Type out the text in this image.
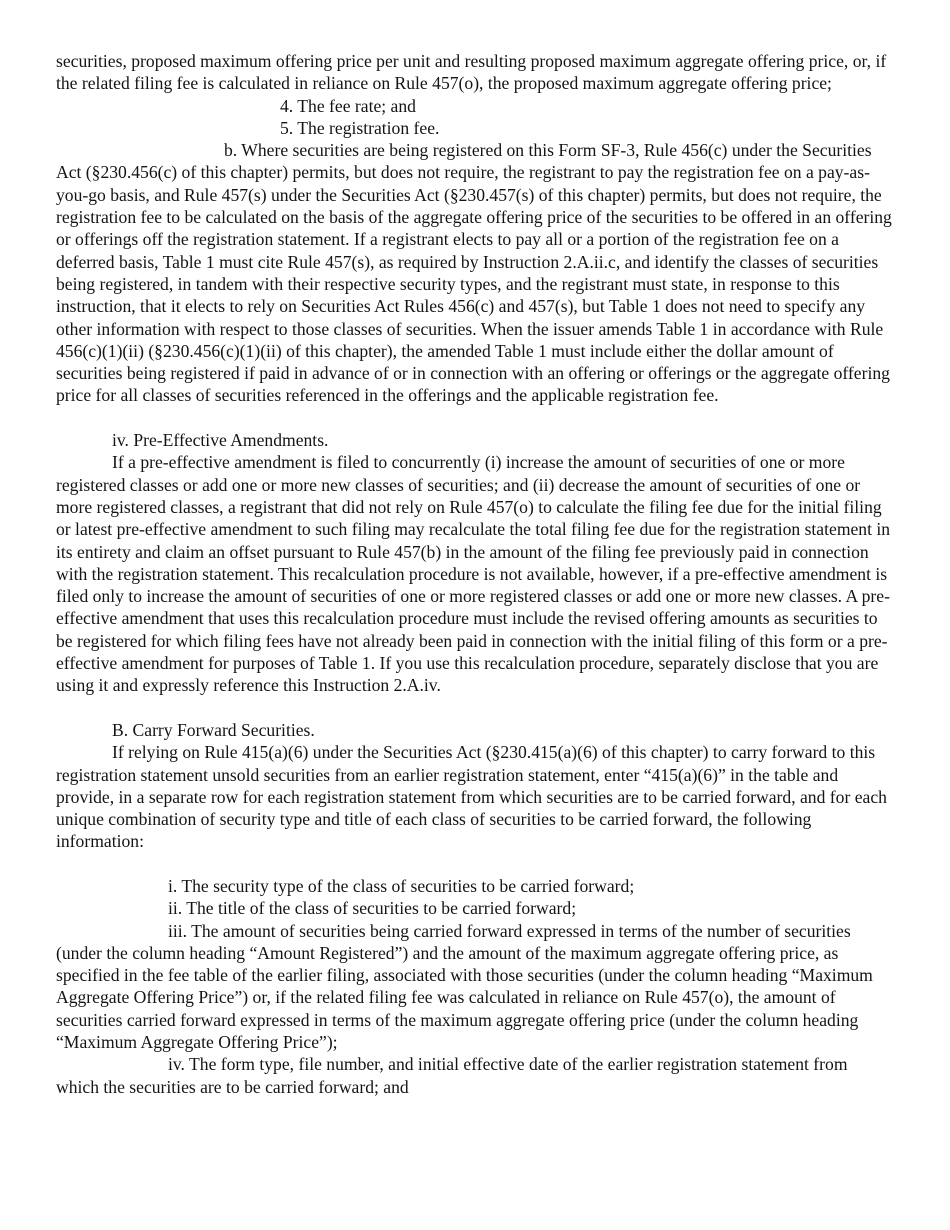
securities, proposed maximum offering price per unit and resulting proposed maximum aggregate offering price, or, if the related filing fee is calculated in reliance on Rule 457(o), the proposed maximum aggregate offering price;

4. The fee rate; and

5. The registration fee.

b. Where securities are being registered on this Form SF-3, Rule 456(c) under the Securities Act (§230.456(c) of this chapter) permits, but does not require, the registrant to pay the registration fee on a pay-as-you-go basis, and Rule 457(s) under the Securities Act (§230.457(s) of this chapter) permits, but does not require, the registration fee to be calculated on the basis of the aggregate offering price of the securities to be offered in an offering or offerings off the registration statement. If a registrant elects to pay all or a portion of the registration fee on a deferred basis, Table 1 must cite Rule 457(s), as required by Instruction 2.A.ii.c, and identify the classes of securities being registered, in tandem with their respective security types, and the registrant must state, in response to this instruction, that it elects to rely on Securities Act Rules 456(c) and 457(s), but Table 1 does not need to specify any other information with respect to those classes of securities. When the issuer amends Table 1 in accordance with Rule 456(c)(1)(ii) (§230.456(c)(1)(ii) of this chapter), the amended Table 1 must include either the dollar amount of securities being registered if paid in advance of or in connection with an offering or offerings or the aggregate offering price for all classes of securities referenced in the offerings and the applicable registration fee.

iv. Pre-Effective Amendments.

If a pre-effective amendment is filed to concurrently (i) increase the amount of securities of one or more registered classes or add one or more new classes of securities; and (ii) decrease the amount of securities of one or more registered classes, a registrant that did not rely on Rule 457(o) to calculate the filing fee due for the initial filing or latest pre-effective amendment to such filing may recalculate the total filing fee due for the registration statement in its entirety and claim an offset pursuant to Rule 457(b) in the amount of the filing fee previously paid in connection with the registration statement. This recalculation procedure is not available, however, if a pre-effective amendment is filed only to increase the amount of securities of one or more registered classes or add one or more new classes. A pre-effective amendment that uses this recalculation procedure must include the revised offering amounts as securities to be registered for which filing fees have not already been paid in connection with the initial filing of this form or a pre-effective amendment for purposes of Table 1. If you use this recalculation procedure, separately disclose that you are using it and expressly reference this Instruction 2.A.iv.

B. Carry Forward Securities.

If relying on Rule 415(a)(6) under the Securities Act (§230.415(a)(6) of this chapter) to carry forward to this registration statement unsold securities from an earlier registration statement, enter “415(a)(6)” in the table and provide, in a separate row for each registration statement from which securities are to be carried forward, and for each unique combination of security type and title of each class of securities to be carried forward, the following information:

i. The security type of the class of securities to be carried forward;

ii. The title of the class of securities to be carried forward;

iii. The amount of securities being carried forward expressed in terms of the number of securities (under the column heading “Amount Registered”) and the amount of the maximum aggregate offering price, as specified in the fee table of the earlier filing, associated with those securities (under the column heading “Maximum Aggregate Offering Price”) or, if the related filing fee was calculated in reliance on Rule 457(o), the amount of securities carried forward expressed in terms of the maximum aggregate offering price (under the column heading “Maximum Aggregate Offering Price”);

iv. The form type, file number, and initial effective date of the earlier registration statement from which the securities are to be carried forward; and
